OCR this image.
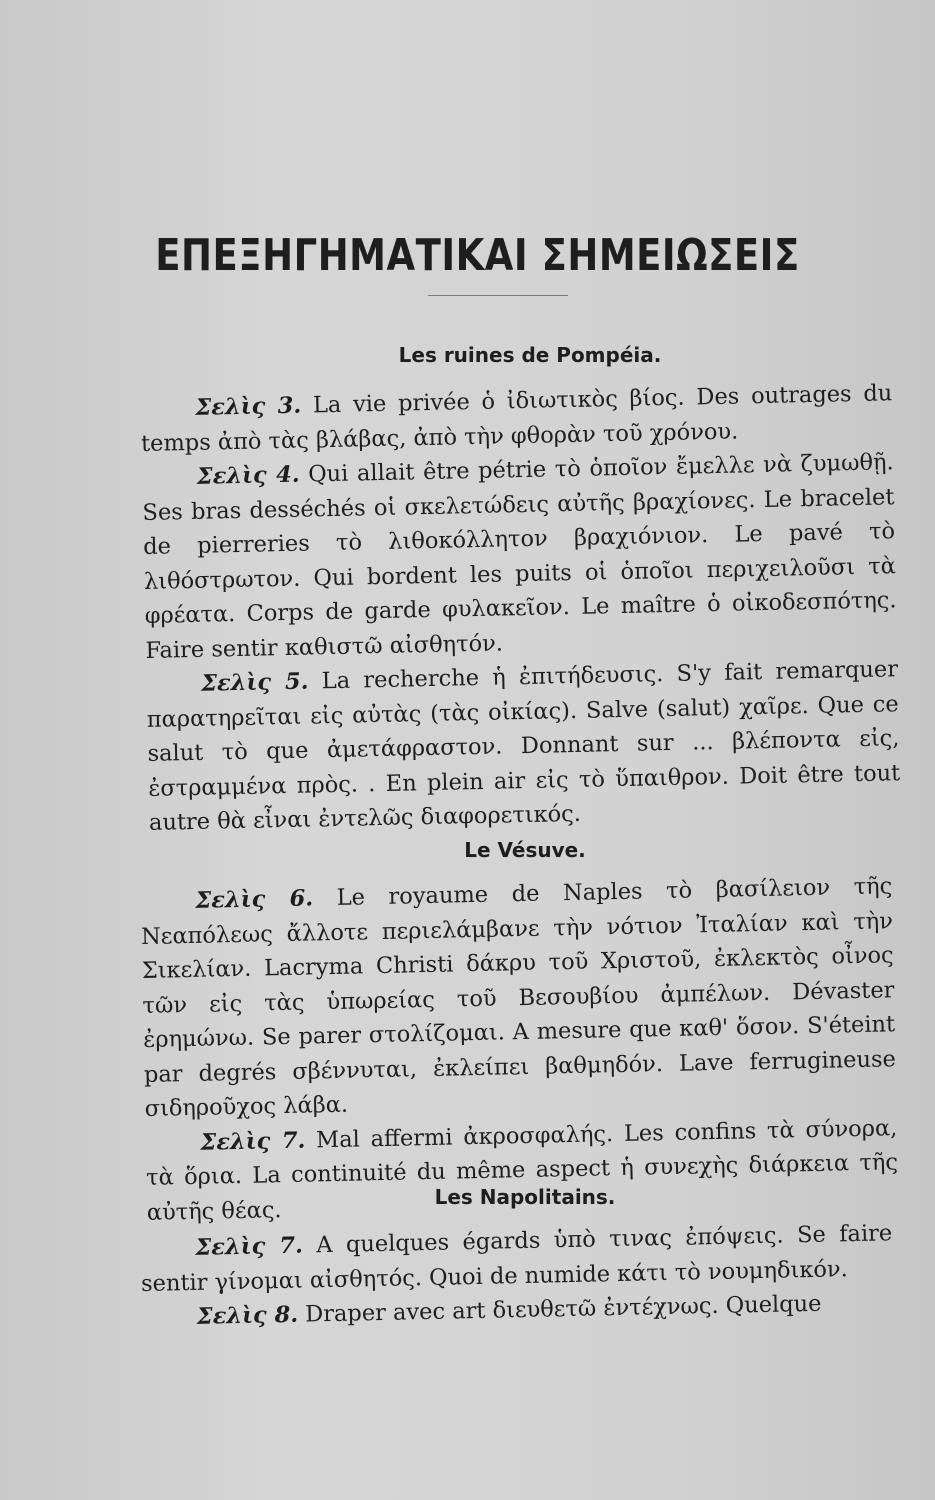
ΕΠΕΞΗΓΗΜΑΤΙΚΑΙ ΣΗΜΕΙΩΣΕΙΣ
Les ruines de Pompéia.

Σελὶς 3. La vie privée ὁ ἰδιωτικὸς βίος. Des outrages du temps ἀπὸ τὰς βλάβας, ἀπὸ τὴν φθορὰν τοῦ χρόνου.

Σελὶς 4. Qui allait être pétrie τὸ ὁποῖον ἔμελλε νὰ ζυμωθῇ. Ses bras desséchés οἱ σκελετώδεις αὐτῆς βραχίονες. Le bracelet de pierreries τὸ λιθοκόλλητον βραχιόνιον. Le pavé τὸ λιθόστρωτον. Qui bordent les puits οἱ ὁποῖοι περιχειλοῦσι τὰ φρέατα. Corps de garde φυλακεῖον. Le maître ὁ οἰκοδεσπότης. Faire sentir καθιστῶ αἰσθητόν.

Σελὶς 5. La recherche ἡ ἐπιτήδευσις. S'y fait remarquer παρατηρεῖται εἰς αὐτὰς (τὰς οἰκίας). Salve (salut) χαῖρε. Que ce salut τὸ que ἀμετάφραστον. Donnant sur ... βλέποντα εἰς, ἐστραμμένα πρὸς. . En plein air εἰς τὸ ὕπαιθρον. Doit être tout autre θὰ εἶναι ἐντελῶς διαφορετικός.

Le Vésuve.

Σελὶς 6. Le royaume de Naples τὸ βασίλειον τῆς Νεαπόλεως ἄλλοτε περιελάμβανε τὴν νότιον Ἰταλίαν καὶ τὴν Σικελίαν. Lacryma Christi δάκρυ τοῦ Χριστοῦ, ἐκλεκτὸς οἶνος τῶν εἰς τὰς ὑπωρείας τοῦ Βεσουβίου ἀμπέλων. Dévaster ἐρημώνω. Se parer στολίζομαι. A mesure que καθ' ὅσον. S'éteint par degrés σβέννυται, ἐκλείπει βαθμηδόν. Lave ferrugineuse σιδηροῦχος λάβα.

Σελὶς 7. Mal affermi ἀκροσφαλής. Les confins τὰ σύνορα, τὰ ὅρια. La continuité du même aspect ἡ συνεχὴς διάρκεια τῆς αὐτῆς θέας.	Les Napolitains.

Σελὶς 7. A quelques égards ὑπὸ τινας ἐπόψεις. Se faire sentir γίνομαι αἰσθητός. Quoi de numide κάτι τὸ νουμηδικόν.

Σελὶς 8. Draper avec art διευθετῶ ἐντέχνως. Quelque
